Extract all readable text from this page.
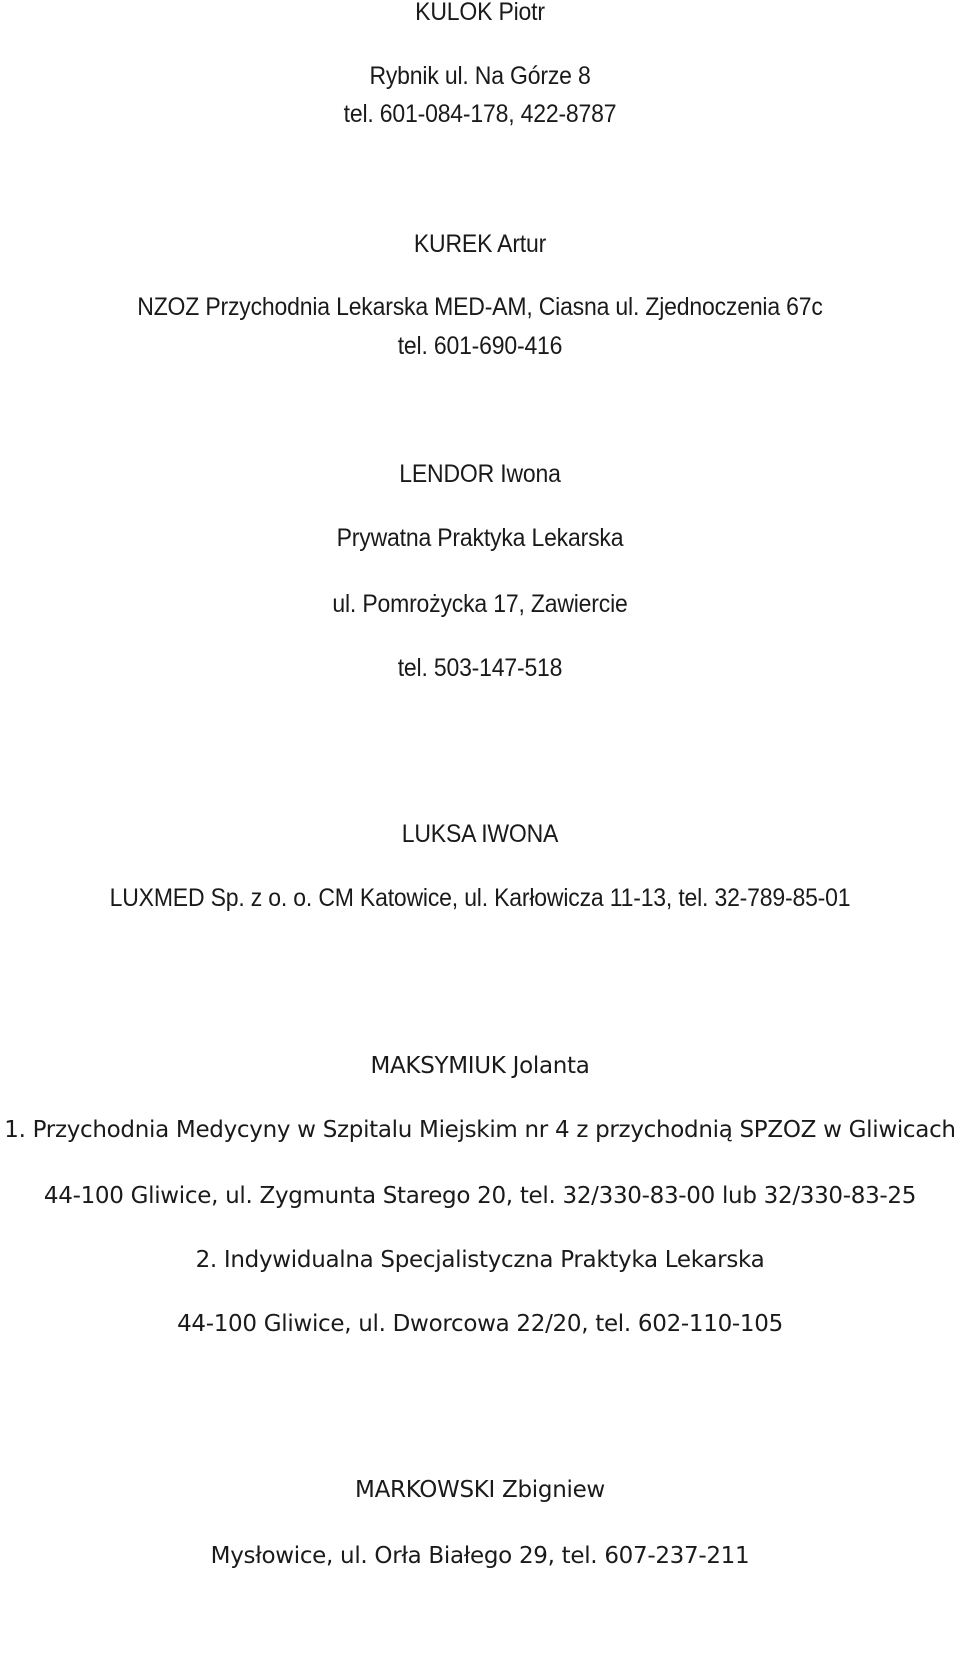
KULOK Piotr
Rybnik ul. Na Górze 8
tel. 601-084-178, 422-8787
KUREK Artur
NZOZ Przychodnia Lekarska MED-AM, Ciasna ul. Zjednoczenia 67c
tel. 601-690-416
LENDOR Iwona
Prywatna Praktyka Lekarska
ul. Pomrożycka 17, Zawiercie
tel. 503-147-518
LUKSA IWONA
LUXMED Sp. z o. o. CM Katowice, ul. Karłowicza 11-13, tel. 32-789-85-01
MAKSYMIUK Jolanta
1. Przychodnia Medycyny w Szpitalu Miejskim nr 4 z przychodnią SPZOZ w Gliwicach
44-100 Gliwice, ul. Zygmunta Starego 20, tel. 32/330-83-00 lub 32/330-83-25
2. Indywidualna Specjalistyczna Praktyka Lekarska
44-100 Gliwice, ul. Dworcowa 22/20, tel. 602-110-105
MARKOWSKI Zbigniew
Mysłowice, ul. Orła Białego 29, tel. 607-237-211
